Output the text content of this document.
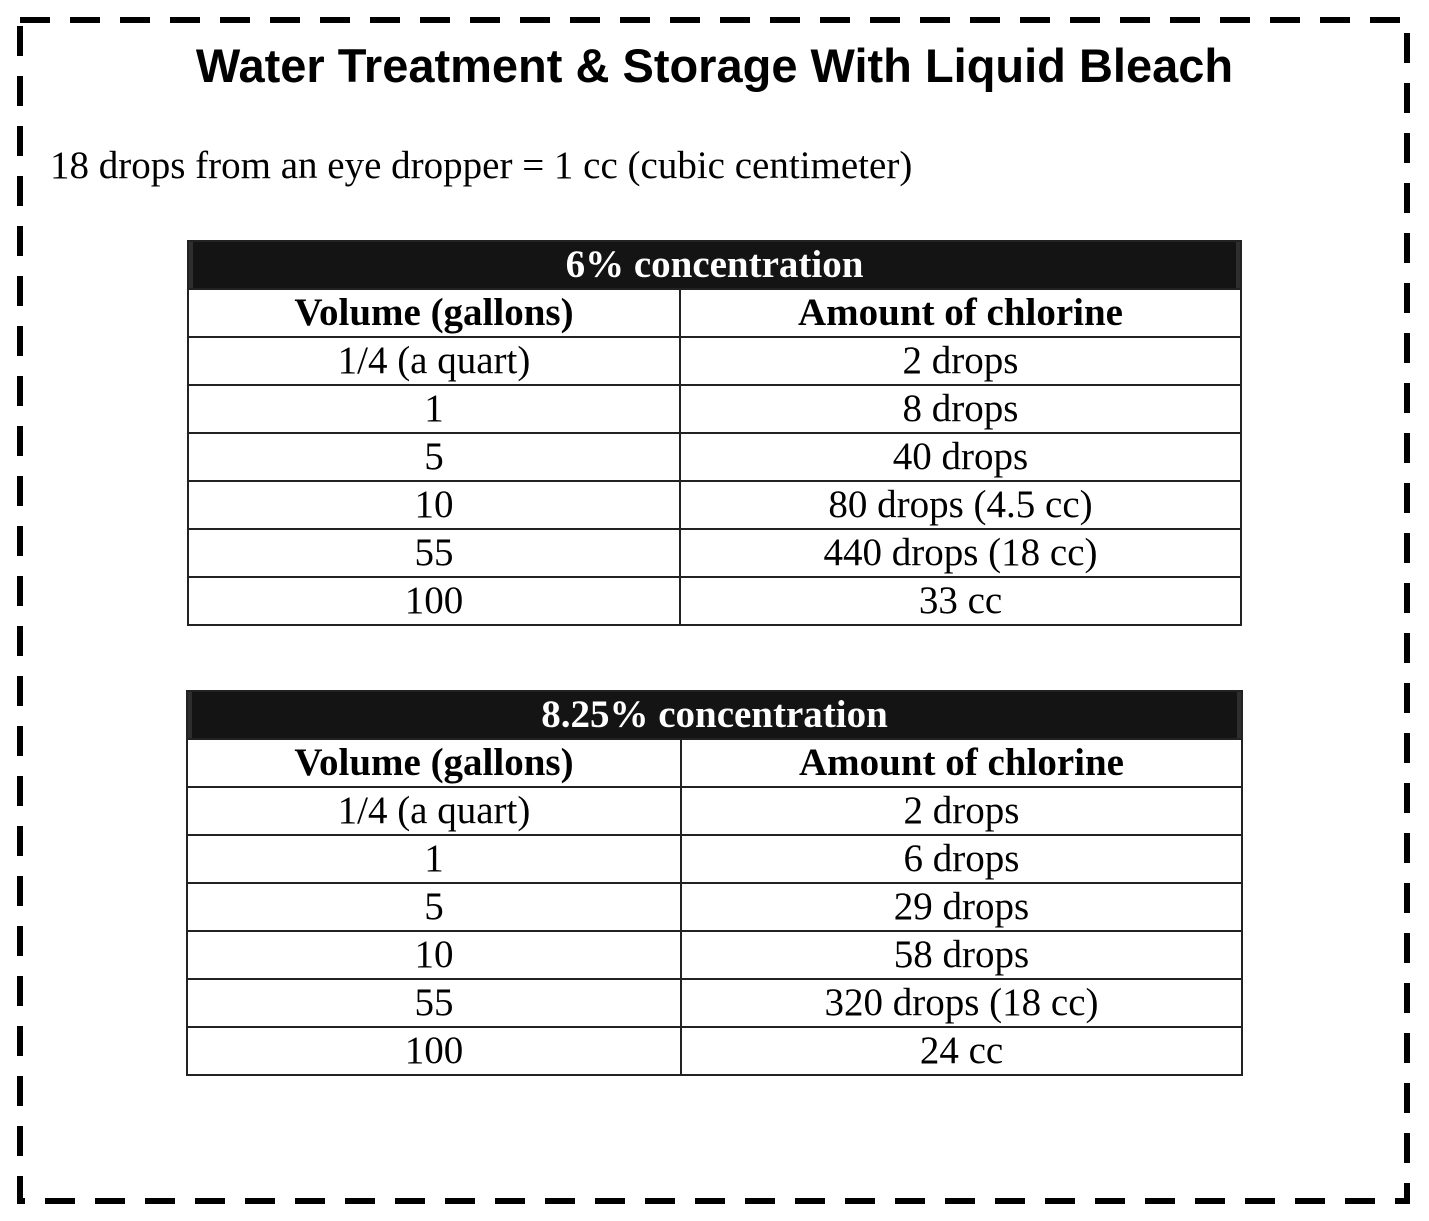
Water Treatment & Storage With Liquid Bleach
18 drops from an eye dropper = 1 cc (cubic centimeter)
6% concentration	
Volume (gallons)	Amount of chlorine
1/4 (a quart)	2 drops
1	8 drops
5	40 drops
10	80 drops (4.5 cc)
55	440 drops (18 cc)
100	33 cc
8.25% concentration	
Volume (gallons)	Amount of chlorine
1/4 (a quart)	2 drops
1	6 drops
5	29 drops
10	58 drops
55	320 drops (18 cc)
100	24 cc
